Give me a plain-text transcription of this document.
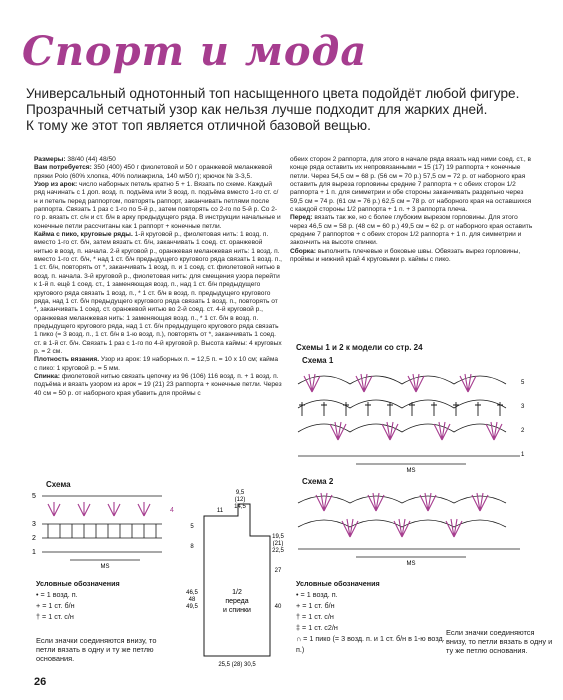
Спорт и мода
Универсальный однотонный топ насыщенного цвета подойдёт любой фигуре.
Прозрачный сетчатый узор как нельзя лучше подходит для жарких дней.
К тому же этот топ является отличной базовой вещью.
Размеры: 38/40 (44) 48/50
Вам потребуется: 350 (400) 450 г фиолетовой и 50 г оранжевой меланжевой пряжи Polo (60% хлопка, 40% полиакрила, 140 м/50 г); крючок № 3-3,5.
Узор из арок: число наборных петель кратно 5 + 1. Вязать по схеме. Каждый ряд начинать с 1 доп. возд. п. подъёма или 3 возд. п. подъёма вместо 1-го ст. с/н и петель перед раппортом, повторять раппорт, заканчивать петлями после раппорта. Связать 1 раз с 1-го по 5-й р., затем повторять со 2-го по 5-й р. Со 2-го р. вязать ст. с/н и ст. б/н в арку предыдущего ряда. В инструкции начальные и конечные петли рассчитаны как 1 раппорт + конечные петли.
Кайма с пико, круговые ряды. 1-й круговой р., фиолетовая нить: 1 возд. п. вместо 1-го ст. б/н, затем вязать ст. б/н, заканчивать 1 соед. ст. оранжевой нитью в возд. п. начала. 2-й круговой р., оранжевая меланжевая нить: 1 возд. п. вместо 1-го ст. б/н, * над 1 ст. б/н предыдущего кругового ряда связать 1 возд. п., 1 ст. б/н, повторять от *, заканчивать 1 возд. п. и 1 соед. ст. фиолетовой нитью в возд. п. начала. 3-й круговой р., фиолетовая нить: для смещения узора перейти к 1-й п. ещё 1 соед. ст., 1 заменяющая возд. п., над 1 ст. б/н предыдущего кругового ряда связать 1 возд. п., * 1 ст. б/н в возд. п. предыдущего кругового ряда, над 1 ст. б/н предыдущего кругового ряда связать 1 возд. п., повторять от *, заканчивать 1 соед. ст. оранжевой нитью во 2-й соед. ст. 4-й круговой р., оранжевая меланжевая нить: 1 заменяющая возд. п., * 1 ст. б/н в возд. п. предыдущего кругового ряда, над 1 ст. б/н предыдущего кругового ряда связать 1 пико (= 3 возд. п., 1 ст. б/н в 1-ю возд. п.), повторять от *, заканчивать 1 соед. ст. в 1-й ст. б/н. Связать 1 раз с 1-го по 4-й круговой р. Высота каймы: 4 круговых р. = 2 см.
Плотность вязания. Узор из арок: 19 наборных п. = 12,5 п. = 10 х 10 см; кайма с пико: 1 круговой р. = 5 мм.
Спинка: фиолетовой нитью связать цепочку из 96 (106) 116 возд. п. + 1 возд. п. подъёма и вязать узором из арок = 19 (21) 23 раппорта + конечные петли. Через 40 см = 50 р. от наборного края убавить для проймы с
обеих сторон 2 раппорта, для этого в начале ряда вязать над ними соед. ст., в конце ряда оставить их непровязанными = 15 (17) 19 раппорта + конечные петли. Через 54,5 см = 68 р. (56 см = 70 р.) 57,5 см = 72 р. от наборного края оставить для выреза горловины средние 7 раппорта + с обеих сторон 1/2 раппорта + 1 п. для симметрии и обе стороны заканчивать раздельно через 59,5 см = 74 р. (61 см = 76 р.) 62,5 см = 78 р. от наборного края на оставшихся с каждой стороны 1/2 раппорта + 1 п. + 3 раппорта плеча.
Перед: вязать так же, но с более глубоким вырезом горловины. Для этого через 46,5 см = 58 р. (48 см = 60 р.) 49,5 см = 62 р. от наборного края оставить средние 7 раппортов + с обеих сторон 1/2 раппорта + 1 п. для симметрии и закончить на высоте спинки.
Сборка: выполнить плечевые и боковые швы. Обвязать вырез горловины, проймы и нижний край 4 круговыми р. каймы с пико.
Схемы 1 и 2 к модели со стр. 24
Схема 1
MS
5
3
2
1
Схема 2
MS
Схема
5
4
3
2
1
MS
9,5
(12)
14,5
11
5
8
19,5
(21)
22,5
27
46,5
48
49,5	40
1/2
переда
и спинки
25,5 (28) 30,5
Условные обозначения
• = 1 возд. п.
+ = 1 ст. б/н
† = 1 ст. с/н
Если значки соединяются внизу, то петли вязать в одну и ту же петлю основания.
Условные обозначения
• = 1 возд. п.
+ = 1 ст. б/н
† = 1 ст. с/н
‡ = 1 ст. с2/н
∩ = 1 пико (= 3 возд. п. и 1 ст. б/н в 1-ю возд. п.)
Если значки соединяются внизу, то петли вязать в одну и ту же петлю основания.
26
